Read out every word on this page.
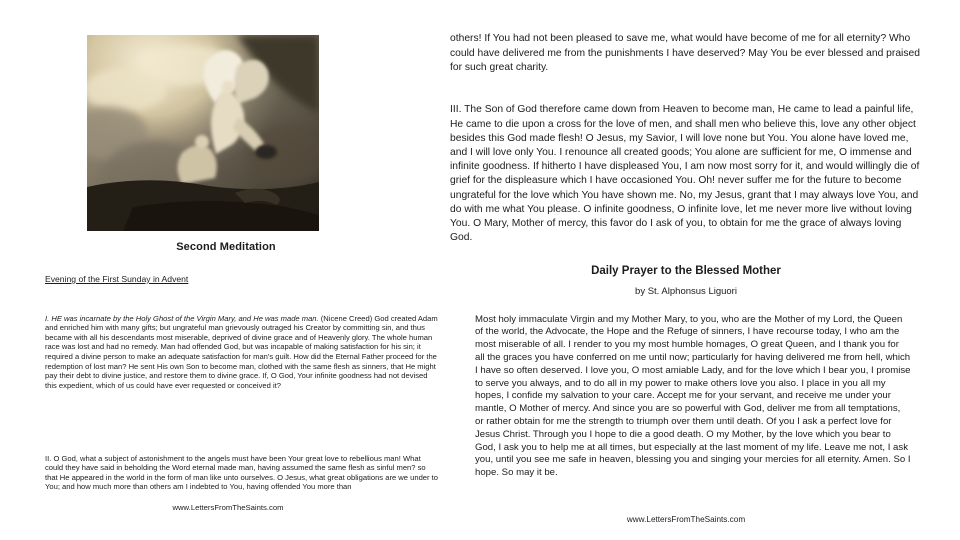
Second Meditation
Evening of the First Sunday in Advent

I. HE was incarnate by the Holy Ghost of the Virgin Mary, and He was made man. (Nicene Creed) God created Adam and enriched him with many gifts; but ungrateful man grievously outraged his Creator by committing sin, and thus became with all his descendants most miserable, deprived of divine grace and of Heavenly glory. The whole human race was lost and had no remedy. Man had offended God, but was incapable of making satisfaction for his sin; it required a divine person to make an adequate satisfaction for man's guilt. How did the Eternal Father proceed for the redemption of lost man? He sent His own Son to become man, clothed with the same flesh as sinners, that He might pay their debt to divine justice, and restore them to divine grace. If, O God, Your infinite goodness had not devised this expedient, which of us could have ever requested or conceived it?

II. O God, what a subject of astonishment to the angels must have been Your great love to rebellious man! What could they have said in beholding the Word eternal made man, having assumed the same flesh as sinful men? so that He appeared in the world in the form of man like unto ourselves. O Jesus, what great obligations are we under to You; and how much more than others am I indebted to You, having offended You more than

www.LettersFromTheSaints.com

others! If You had not been pleased to save me, what would have become of me for all eternity? Who could have delivered me from the punishments I have deserved? May You be ever blessed and praised for such great charity.

III. The Son of God therefore came down from Heaven to become man, He came to lead a painful life, He came to die upon a cross for the love of men, and shall men who believe this, love any other object besides this God made flesh! O Jesus, my Savior, I will love none but You. You alone have loved me, and I will love only You. I renounce all created goods; You alone are sufficient for me, O immense and infinite goodness. If hitherto I have displeased You, I am now most sorry for it, and would willingly die of grief for the displeasure which I have occasioned You. Oh! never suffer me for the future to become ungrateful for the love which You have shown me. No, my Jesus, grant that I may always love You, and do with me what You please. O infinite goodness, O infinite love, let me never more live without loving You. O Mary, Mother of mercy, this favor do I ask of you, to obtain for me the grace of always loving God.

Daily Prayer to the Blessed Mother
by St. Alphonsus Liguori

Most holy immaculate Virgin and my Mother Mary, to you, who are the Mother of my Lord, the Queen of the world, the Advocate, the Hope and the Refuge of sinners, I have recourse today, I who am the most miserable of all. I render to you my most humble homages, O great Queen, and I thank you for all the graces you have conferred on me until now; particularly for having delivered me from hell, which I have so often deserved. I love you, O most amiable Lady, and for the love which I bear you, I promise to serve you always, and to do all in my power to make others love you also. I place in you all my hopes, I confide my salvation to your care. Accept me for your servant, and receive me under your mantle, O Mother of mercy. And since you are so powerful with God, deliver me from all temptations, or rather obtain for me the strength to triumph over them until death. Of you I ask a perfect love for Jesus Christ. Through you I hope to die a good death. O my Mother, by the love which you bear to God, I ask you to help me at all times, but especially at the last moment of my life. Leave me not, I ask you, until you see me safe in heaven, blessing you and singing your mercies for all eternity. Amen. So I hope. So may it be.

www.LettersFromTheSaints.com
